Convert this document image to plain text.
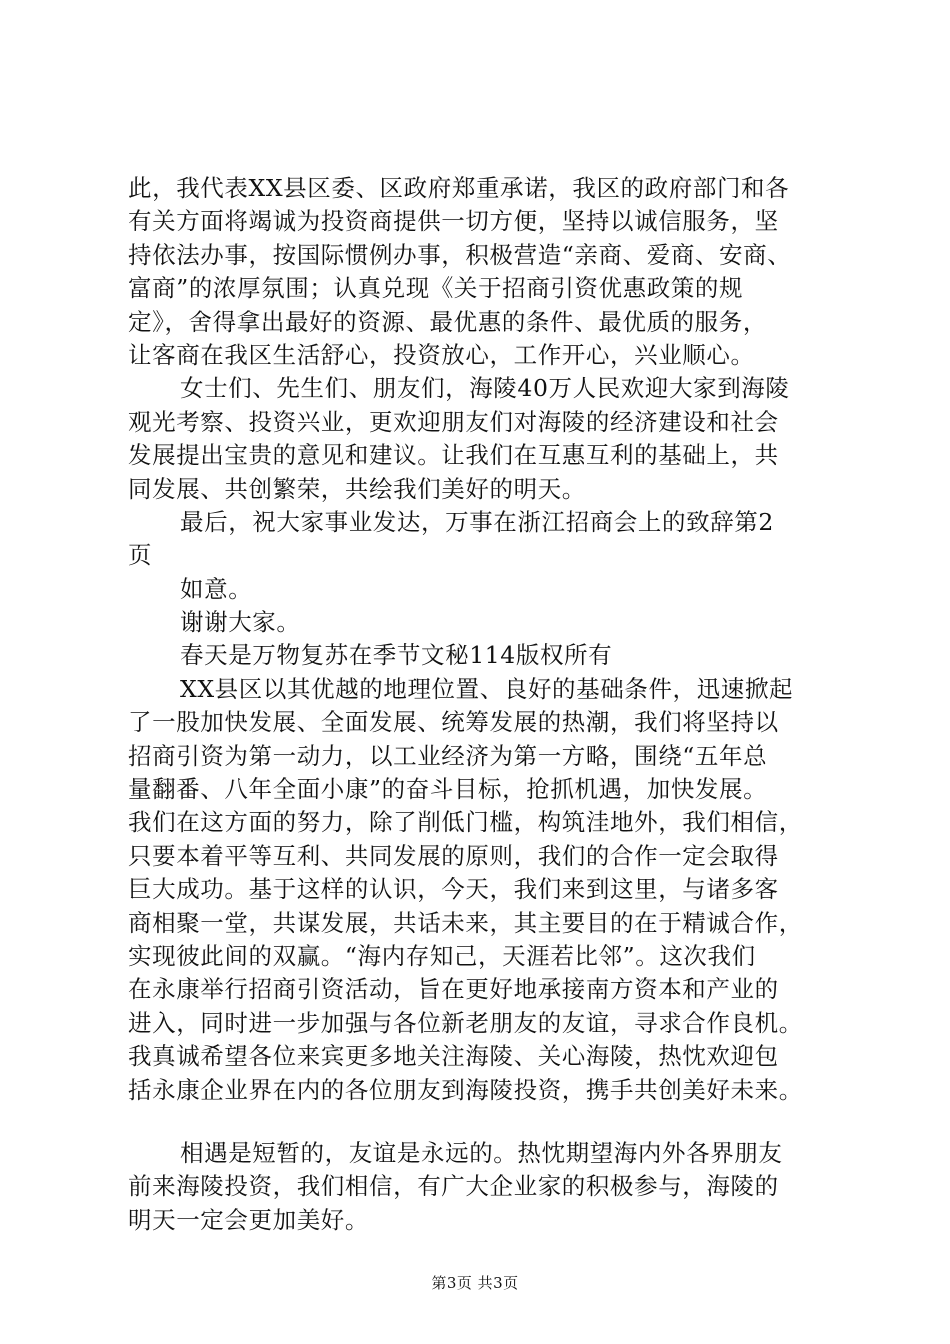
此，我代表XX县区委、区政府郑重承诺，我区的政府部门和各
有关方面将竭诚为投资商提供一切方便，坚持以诚信服务，坚
持依法办事，按国际惯例办事，积极营造“亲商、爱商、安商、
富商”的浓厚氛围；认真兑现《关于招商引资优惠政策的规
定》，舍得拿出最好的资源、最优惠的条件、最优质的服务，
让客商在我区生活舒心，投资放心，工作开心，兴业顺心。
女士们、先生们、朋友们，海陵40万人民欢迎大家到海陵
观光考察、投资兴业，更欢迎朋友们对海陵的经济建设和社会
发展提出宝贵的意见和建议。让我们在互惠互利的基础上，共
同发展、共创繁荣，共绘我们美好的明天。
最后，祝大家事业发达，万事在浙江招商会上的致辞第2
页
如意。
谢谢大家。
春天是万物复苏在季节文秘114版权所有
XX县区以其优越的地理位置、良好的基础条件，迅速掀起
了一股加快发展、全面发展、统筹发展的热潮，我们将坚持以
招商引资为第一动力，以工业经济为第一方略，围绕“五年总
量翻番、八年全面小康”的奋斗目标，抢抓机遇，加快发展。
我们在这方面的努力，除了削低门槛，构筑洼地外，我们相信，
只要本着平等互利、共同发展的原则，我们的合作一定会取得
巨大成功。基于这样的认识，今天，我们来到这里，与诸多客
商相聚一堂，共谋发展，共话未来，其主要目的在于精诚合作，
实现彼此间的双赢。“海内存知己，天涯若比邻”。这次我们
在永康举行招商引资活动，旨在更好地承接南方资本和产业的
进入，同时进一步加强与各位新老朋友的友谊，寻求合作良机。
我真诚希望各位来宾更多地关注海陵、关心海陵，热忱欢迎包
括永康企业界在内的各位朋友到海陵投资，携手共创美好未来。
相遇是短暂的，友谊是永远的。热忱期望海内外各界朋友
前来海陵投资，我们相信，有广大企业家的积极参与，海陵的
明天一定会更加美好。
第3页 共3页
